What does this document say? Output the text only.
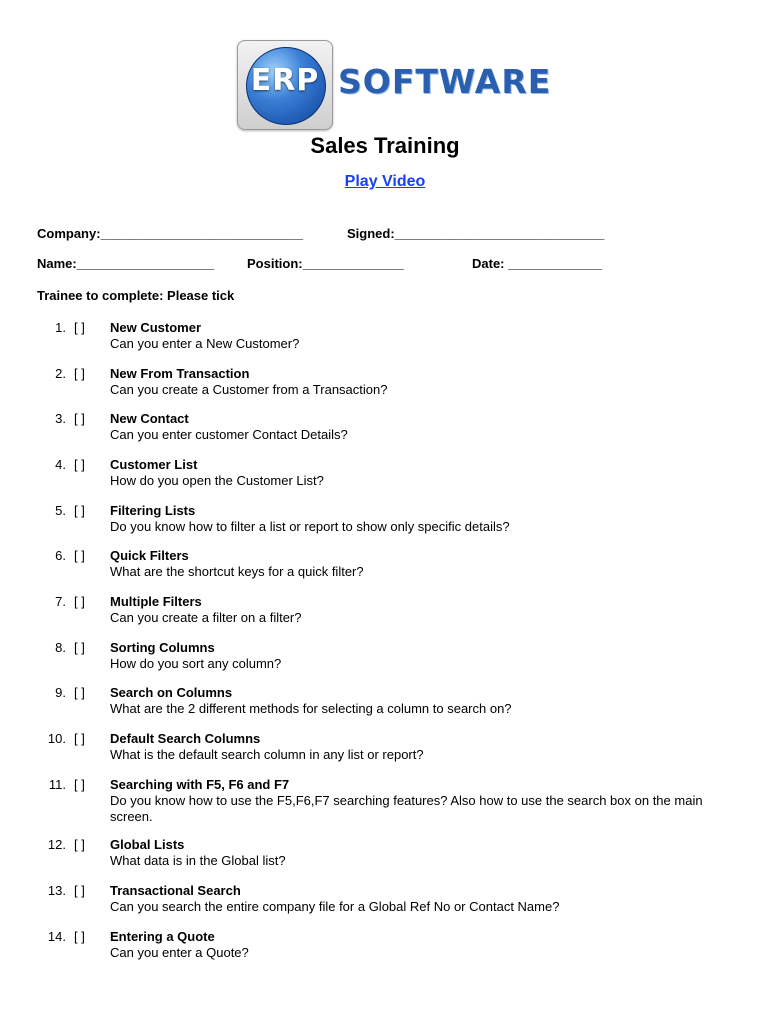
ERP SOFTWARE
Sales Training
Play Video
Company:____________________________	Signed:_____________________________
Name:___________________	Position:______________	Date: _____________
Trainee to complete: Please tick
1. [ ] New Customer
Can you enter a New Customer?
2. [ ] New From Transaction
Can you create a Customer from a Transaction?
3. [ ] New Contact
Can you enter customer Contact Details?
4. [ ] Customer List
How do you open the Customer List?
5. [ ] Filtering Lists
Do you know how to filter a list or report to show only specific details?
6. [ ] Quick Filters
What are the shortcut keys for a quick filter?
7. [ ] Multiple Filters
Can you create a filter on a filter?
8. [ ] Sorting Columns
How do you sort any column?
9. [ ] Search on Columns
What are the 2 different methods for selecting a column to search on?
10. [ ] Default Search Columns
What is the default search column in any list or report?
11. [ ] Searching with F5, F6 and F7
Do you know how to use the F5,F6,F7 searching features? Also how to use the search box on the main screen.
12. [ ] Global Lists
What data is in the Global list?
13. [ ] Transactional Search
Can you search the entire company file for a Global Ref No or Contact Name?
14. [ ] Entering a Quote
Can you enter a Quote?
